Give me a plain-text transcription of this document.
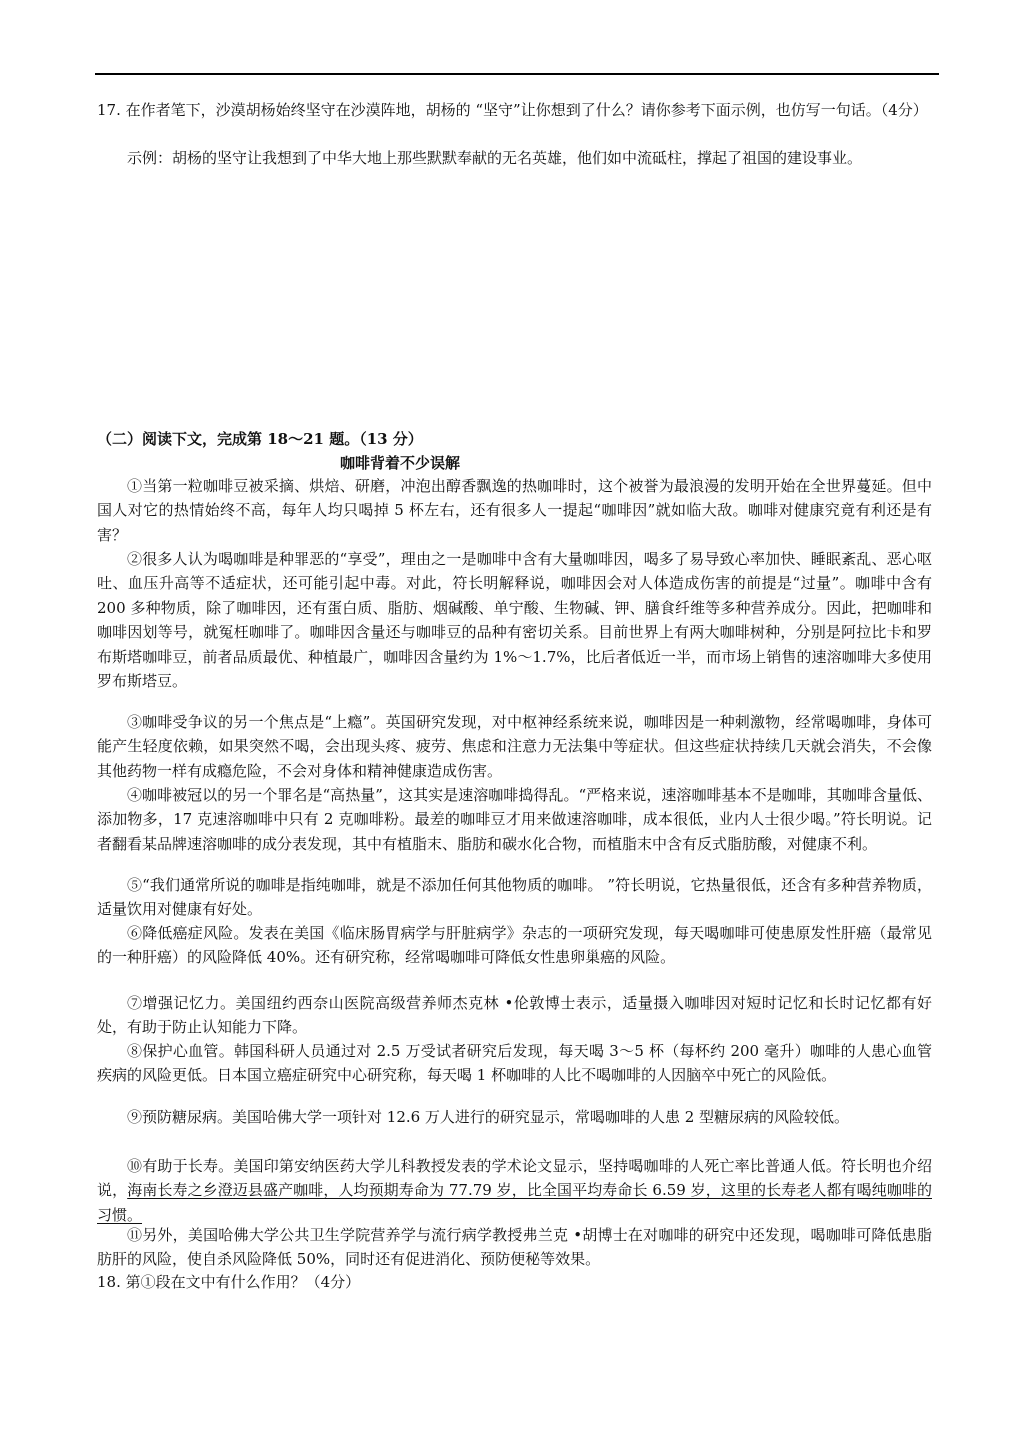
17. 在作者笔下，沙漠胡杨始终坚守在沙漠阵地，胡杨的 “坚守”让你想到了什么？请你参考下面示例，也仿写一句话。（4分）

示例：胡杨的坚守让我想到了中华大地上那些默默奉献的无名英雄，他们如中流砥柱，撑起了祖国的建设事业。

（二）阅读下文，完成第 18～21 题。（13 分）
咖啡背着不少误解

①当第一粒咖啡豆被采摘、烘焙、研磨，冲泡出醇香飘逸的热咖啡时，这个被誉为最浪漫的发明开始在全世界蔓延。但中国人对它的热情始终不高，每年人均只喝掉 5 杯左右，还有很多人一提起“咖啡因”就如临大敌。咖啡对健康究竟有利还是有害？

②很多人认为喝咖啡是种罪恶的“享受”，理由之一是咖啡中含有大量咖啡因，喝多了易导致心率加快、睡眠紊乱、恶心呕吐、血压升高等不适症状，还可能引起中毒。对此，符长明解释说，咖啡因会对人体造成伤害的前提是“过量”。咖啡中含有 200 多种物质，除了咖啡因，还有蛋白质、脂肪、烟碱酸、单宁酸、生物碱、钾、膳食纤维等多种营养成分。因此，把咖啡和咖啡因划等号，就冤枉咖啡了。咖啡因含量还与咖啡豆的品种有密切关系。目前世界上有两大咖啡树种，分别是阿拉比卡和罗布斯塔咖啡豆，前者品质最优、种植最广，咖啡因含量约为 1%～1.7%，比后者低近一半，而市场上销售的速溶咖啡大多使用罗布斯塔豆。

③咖啡受争议的另一个焦点是“上瘾”。英国研究发现，对中枢神经系统来说，咖啡因是一种刺激物，经常喝咖啡，身体可能产生轻度依赖，如果突然不喝，会出现头疼、疲劳、焦虑和注意力无法集中等症状。但这些症状持续几天就会消失，不会像其他药物一样有成瘾危险，不会对身体和精神健康造成伤害。

④咖啡被冠以的另一个罪名是“高热量”，这其实是速溶咖啡捣得乱。“严格来说，速溶咖啡基本不是咖啡，其咖啡含量低、添加物多，17 克速溶咖啡中只有 2 克咖啡粉。最差的咖啡豆才用来做速溶咖啡，成本很低，业内人士很少喝。”符长明说。记者翻看某品牌速溶咖啡的成分表发现，其中有植脂末、脂肪和碳水化合物，而植脂末中含有反式脂肪酸，对健康不利。

⑤“我们通常所说的咖啡是指纯咖啡，就是不添加任何其他物质的咖啡。 ”符长明说，它热量很低，还含有多种营养物质，适量饮用对健康有好处。

⑥降低癌症风险。发表在美国《临床肠胃病学与肝脏病学》杂志的一项研究发现，每天喝咖啡可使患原发性肝癌（最常见的一种肝癌）的风险降低 40%。还有研究称，经常喝咖啡可降低女性患卵巢癌的风险。

⑦增强记忆力。美国纽约西奈山医院高级营养师杰克林 •伦敦博士表示，适量摄入咖啡因对短时记忆和长时记忆都有好处，有助于防止认知能力下降。

⑧保护心血管。韩国科研人员通过对 2.5 万受试者研究后发现，每天喝 3～5 杯（每杯约 200 毫升）咖啡的人患心血管疾病的风险更低。日本国立癌症研究中心研究称，每天喝 1 杯咖啡的人比不喝咖啡的人因脑卒中死亡的风险低。

⑨预防糖尿病。美国哈佛大学一项针对 12.6 万人进行的研究显示，常喝咖啡的人患 2 型糖尿病的风险较低。

⑩有助于长寿。美国印第安纳医药大学儿科教授发表的学术论文显示，坚持喝咖啡的人死亡率比普通人低。符长明也介绍说，海南长寿之乡澄迈县盛产咖啡，人均预期寿命为 77.79 岁，比全国平均寿命长 6.59 岁，这里的长寿老人都有喝纯咖啡的习惯。

⑪另外，美国哈佛大学公共卫生学院营养学与流行病学教授弗兰克 •胡博士在对咖啡的研究中还发现，喝咖啡可降低患脂肪肝的风险，使自杀风险降低 50%，同时还有促进消化、预防便秘等效果。

18. 第①段在文中有什么作用？（4分）
